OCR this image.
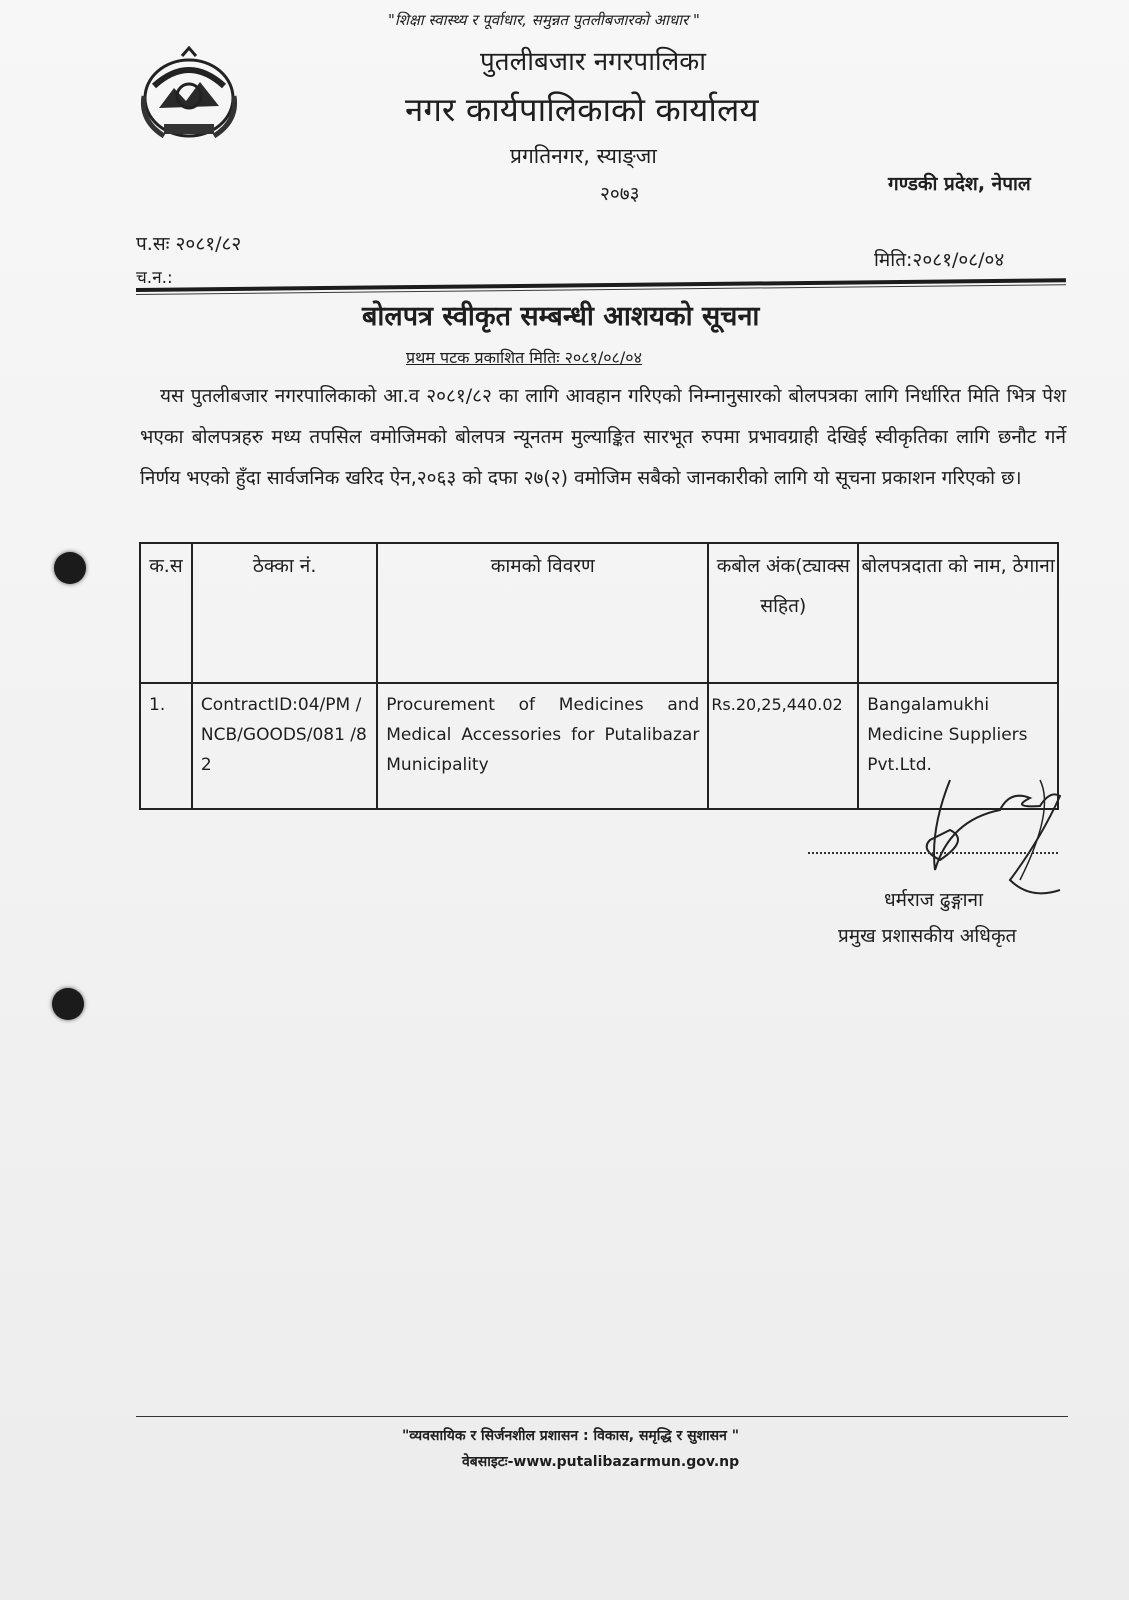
"शिक्षा स्वास्थ्य र पूर्वाधार, समुन्नत पुतलीबजारको आधार "
पुतलीबजार नगरपालिका
नगर कार्यपालिकाको कार्यालय
प्रगतिनगर, स्याङ्जा
२०७३	गण्डकी प्रदेश, नेपाल
प.सः २०८१/८२
च.न.:
मिति:२०८१/०८/०४
बोलपत्र स्वीकृत सम्बन्धी आशयको सूचना
प्रथम पटक प्रकाशित मितिः २०८१/०८/०४
यस पुतलीबजार नगरपालिकाको आ.व २०८१/८२ का लागि आवहान गरिएको निम्नानुसारको बोलपत्रका लागि निर्धारित मिति भित्र पेश भएका बोलपत्रहरु मध्य तपसिल वमोजिमको बोलपत्र न्यूनतम मुल्याङ्कित सारभूत रुपमा प्रभावग्राही देखिई स्वीकृतिका लागि छनौट गर्ने निर्णय भएको हुँदा सार्वजनिक खरिद ऐन,२०६३ को दफा २७(२) वमोजिम सबैको जानकारीको लागि यो सूचना प्रकाशन गरिएको छ।
क.स	ठेक्का नं.	कामको विवरण	कबोल अंक(ट्याक्स सहित)	बोलपत्रदाता को नाम, ठेगाना
1.	ContractID:04/PM /NCB/GOODS/081 /82	Procurement of Medicines and Medical Accessories for Putalibazar Municipality	Rs.20,25,440.02	Bangalamukhi Medicine Suppliers Pvt.Ltd.
धर्मराज ढुङ्गाना
प्रमुख प्रशासकीय अधिकृत
"व्यवसायिक र सिर्जनशील प्रशासन : विकास, समृद्धि र सुशासन "
वेबसाइटः-www.putalibazarmun.gov.np
